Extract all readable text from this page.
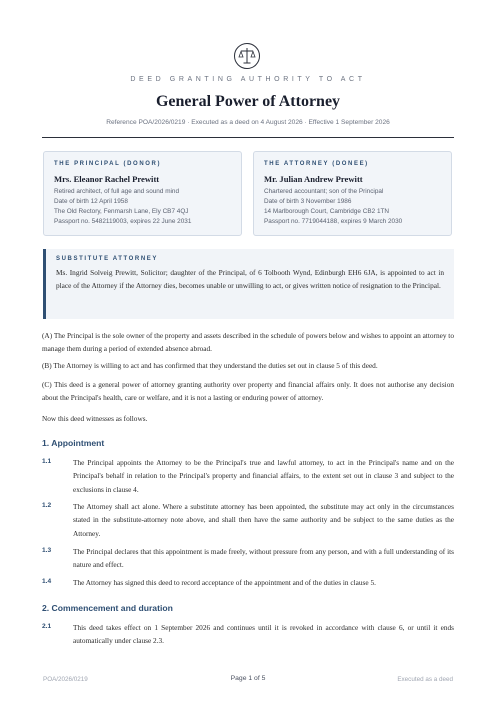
DEED GRANTING AUTHORITY TO ACT
General Power of Attorney
Reference POA/2026/0219 · Executed as a deed on 4 August 2026 · Effective 1 September 2026
THE PRINCIPAL (DONOR)
Mrs. Eleanor Rachel Prewitt
Retired architect, of full age and sound mind
Date of birth 12 April 1958
The Old Rectory, Fenmarsh Lane, Ely CB7 4QJ
Passport no. 5482119003, expires 22 June 2031
THE ATTORNEY (DONEE)
Mr. Julian Andrew Prewitt
Chartered accountant; son of the Principal
Date of birth 3 November 1986
14 Marlborough Court, Cambridge CB2 1TN
Passport no. 7719044188, expires 9 March 2030
SUBSTITUTE ATTORNEY
Ms. Ingrid Solveig Prewitt, Solicitor; daughter of the Principal, of 6 Tolbooth Wynd, Edinburgh EH6 6JA, is appointed to act in place of the Attorney if the Attorney dies, becomes unable or unwilling to act, or gives written notice of resignation to the Principal.
(A) The Principal is the sole owner of the property and assets described in the schedule of powers below and wishes to appoint an attorney to manage them during a period of extended absence abroad.
(B) The Attorney is willing to act and has confirmed that they understand the duties set out in clause 5 of this deed.
(C) This deed is a general power of attorney granting authority over property and financial affairs only. It does not authorise any decision about the Principal's health, care or welfare, and it is not a lasting or enduring power of attorney.
Now this deed witnesses as follows.
1. Appointment
1.1	The Principal appoints the Attorney to be the Principal's true and lawful attorney, to act in the Principal's name and on the Principal's behalf in relation to the Principal's property and financial affairs, to the extent set out in clause 3 and subject to the exclusions in clause 4.
1.2	The Attorney shall act alone. Where a substitute attorney has been appointed, the substitute may act only in the circumstances stated in the substitute-attorney note above, and shall then have the same authority and be subject to the same duties as the Attorney.
1.3	The Principal declares that this appointment is made freely, without pressure from any person, and with a full understanding of its nature and effect.
1.4	The Attorney has signed this deed to record acceptance of the appointment and of the duties in clause 5.
2. Commencement and duration
2.1	This deed takes effect on 1 September 2026 and continues until it is revoked in accordance with clause 6, or until it ends automatically under clause 2.3.
POA/2026/0219	Page 1 of 5	Executed as a deed
